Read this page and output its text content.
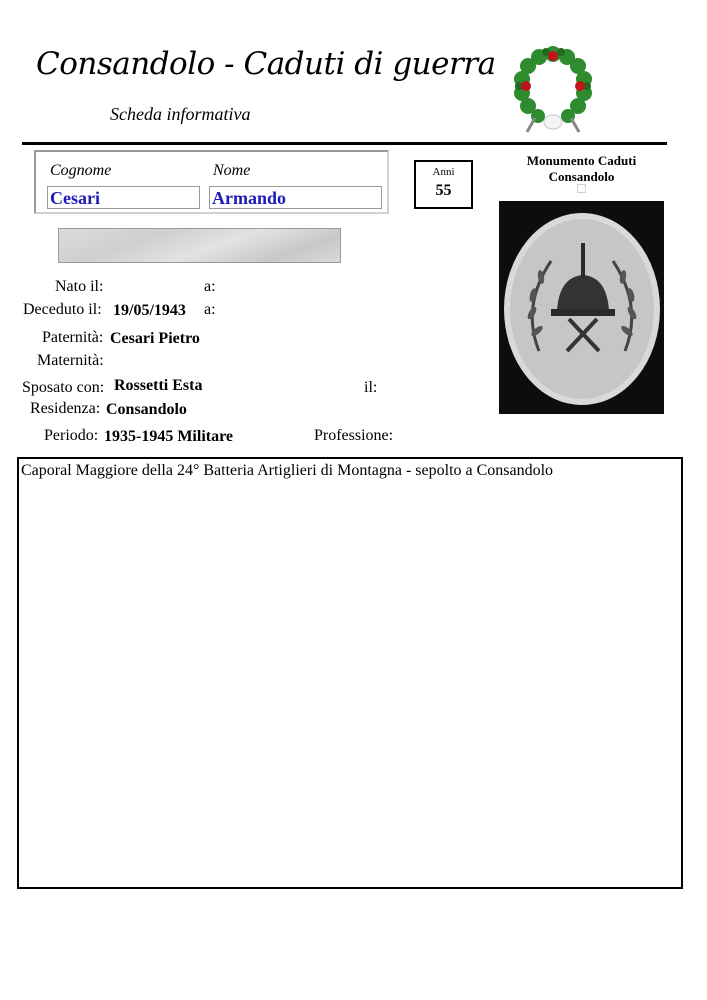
Consandolo - Caduti di guerra
Scheda informativa
Cognome	Nome
Cesari	Armando
Anni
55
Monumento Caduti Consandolo
Nato il:	a:
Deceduto il: 19/05/1943 a:
Paternità: Cesari Pietro
Maternità:
Sposato con: Rossetti Esta	il:
Residenza: Consandolo
Periodo: 1935-1945 Militare	Professione:
Caporal Maggiore della 24° Batteria Artiglieri di Montagna - sepolto a Consandolo
